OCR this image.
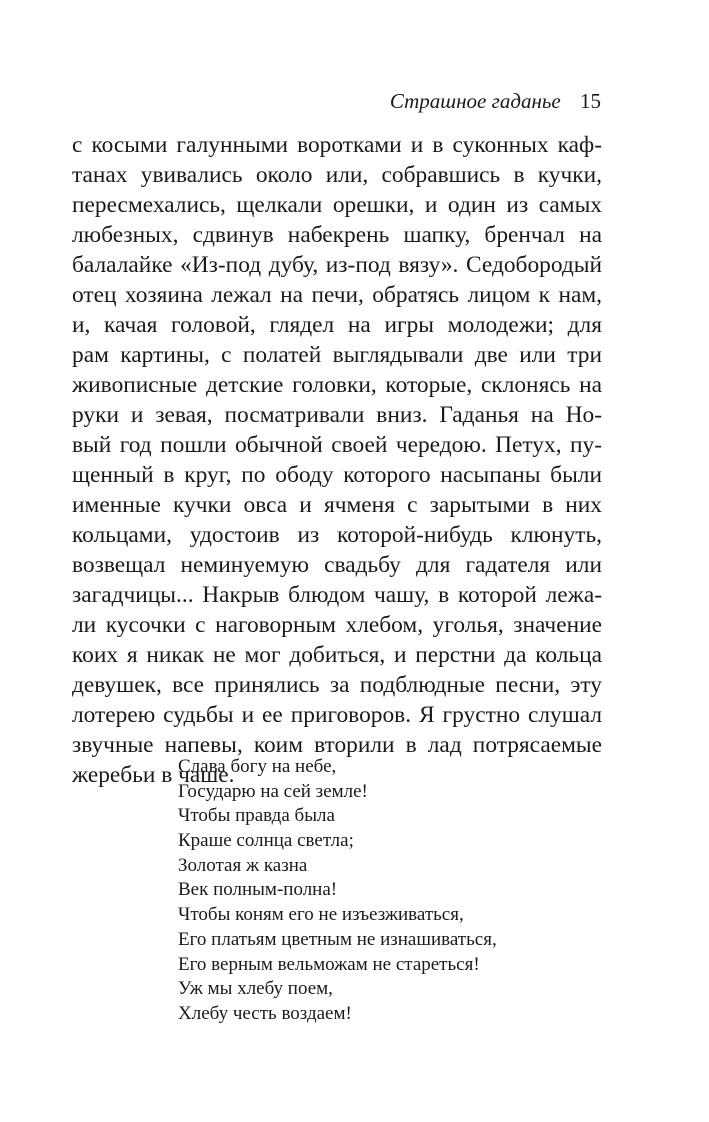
Страшное гаданье 15
с косыми галунными воротками и в суконных каф-
танах увивались около или, собравшись в кучки,
пересмехались, щелкали орешки, и один из самых
любезных, сдвинув набекрень шапку, бренчал на
балалайке «Из-под дубу, из-под вязу». Седобородый
отец хозяина лежал на печи, обратясь лицом к нам,
и, качая головой, глядел на игры молодежи; для
рам картины, с полатей выглядывали две или три
живописные детские головки, которые, склонясь на
руки и зевая, посматривали вниз. Гаданья на Но-
вый год пошли обычной своей чередою. Петух, пу-
щенный в круг, по ободу которого насыпаны были
именные кучки овса и ячменя с зарытыми в них
кольцами, удостоив из которой-нибудь клюнуть,
возвещал неминуемую свадьбу для гадателя или
загадчицы... Накрыв блюдом чашу, в которой лежа-
ли кусочки с наговорным хлебом, уголья, значение
коих я никак не мог добиться, и перстни да кольца
девушек, все принялись за подблюдные песни, эту
лотерею судьбы и ее приговоров. Я грустно слушал
звучные напевы, коим вторили в лад потрясаемые
жеребьи в чаше.
Слава богу на небе,
Государю на сей земле!
Чтобы правда была
Краше солнца светла;
Золотая ж казна
Век полным-полна!
Чтобы коням его не изъезживаться,
Его платьям цветным не изнашиваться,
Его верным вельможам не стареться!
Уж мы хлебу поем,
Хлебу честь воздаем!
